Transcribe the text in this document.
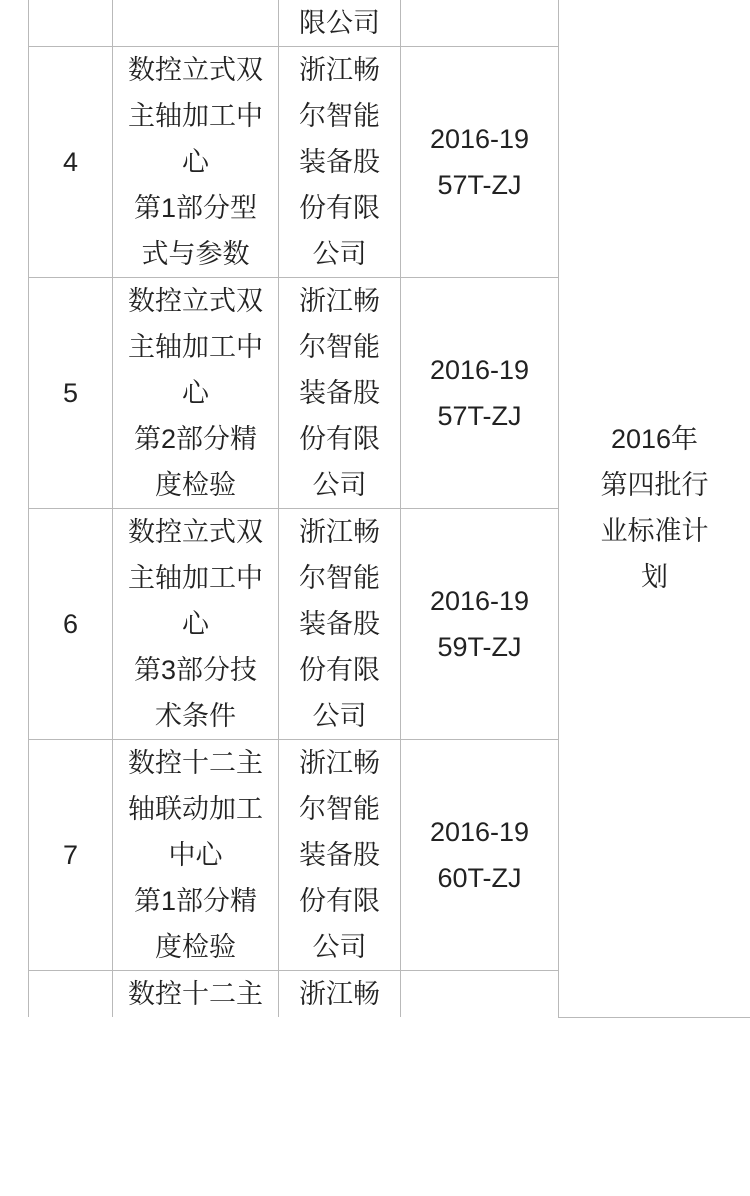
		限公司		2016年
第四批行
业标准计
划

4	数控立式双
主轴加工中
心
第1部分型
式与参数	浙江畅
尔智能
装备股
份有限
公司	2016-19
57T-ZJ	

5	数控立式双
主轴加工中
心
第2部分精
度检验	浙江畅
尔智能
装备股
份有限
公司	2016-19
57T-ZJ	

6	数控立式双
主轴加工中
心
第3部分技
术条件	浙江畅
尔智能
装备股
份有限
公司	2016-19
59T-ZJ	

7	数控十二主
轴联动加工
中心
第1部分精
度检验	浙江畅
尔智能
装备股
份有限
公司	2016-19
60T-ZJ	

	数控十二主	浙江畅		
